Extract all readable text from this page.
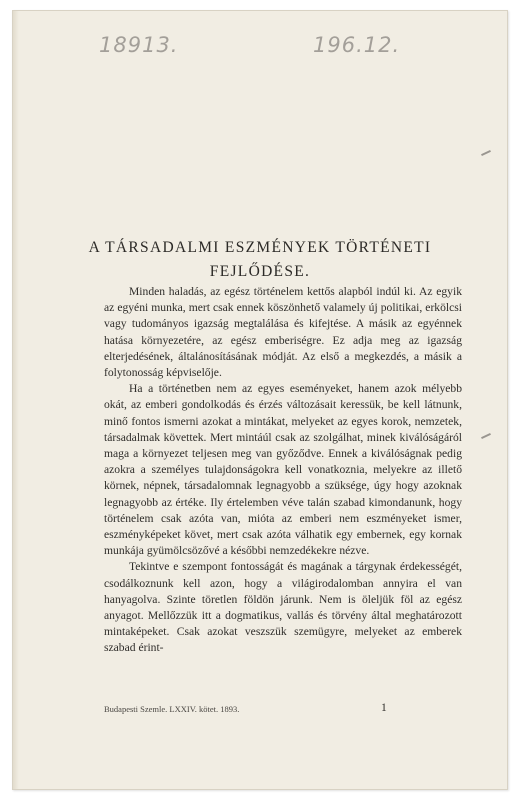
18913.	196.12.
A TÁRSADALMI ESZMÉNYEK TÖRTÉNETI
FEJLŐDÉSE.

Minden haladás, az egész történelem kettős alapból indúl ki. Az egyik az egyéni munka, mert csak ennek köszönhető valamely új politikai, erkölcsi vagy tudományos igazság megtalálása és kifejtése. A másik az egyénnek hatása környezetére, az egész emberiségre. Ez adja meg az igazság elterjedésének, általánosításának módját. Az első a megkezdés, a másik a folytonosság képviselője.

Ha a történetben nem az egyes eseményeket, hanem azok mélyebb okát, az emberi gondolkodás és érzés változásait keressük, be kell látnunk, minő fontos ismerni azokat a mintákat, melyeket az egyes korok, nemzetek, társadalmak követtek. Mert mintáúl csak az szolgálhat, minek kiválóságáról maga a környezet teljesen meg van győződve. Ennek a kiválóságnak pedig azokra a személyes tulajdonságokra kell vonatkoznia, melyekre az illető körnek, népnek, társadalomnak legnagyobb a szüksége, úgy hogy azoknak legnagyobb az értéke. Ily értelemben véve talán szabad kimondanunk, hogy történelem csak azóta van, mióta az emberi nem eszményeket ismer, eszményképeket követ, mert csak azóta válhatik egy embernek, egy kornak munkája gyümölcsözővé a későbbi nemzedékekre nézve.

Tekintve e szempont fontosságát és magának a tárgynak érdekességét, csodálkoznunk kell azon, hogy a világirodalomban annyira el van hanyagolva. Szinte töretlen földön járunk. Nem is öleljük föl az egész anyagot. Mellőzzük itt a dogmatikus, vallás és törvény által meghatározott mintaképeket. Csak azokat veszszük szemügyre, melyeket az emberek szabad érint-

Budapesti Szemle. LXXIV. kötet. 1893.	1
